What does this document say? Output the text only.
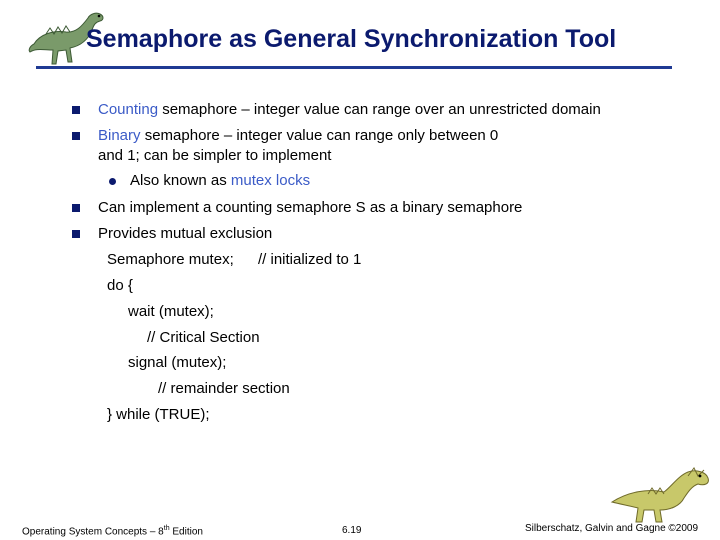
Semaphore as General Synchronization Tool
Counting semaphore – integer value can range over an unrestricted domain
Binary semaphore – integer value can range only between 0
and 1; can be simpler to implement
Also known as mutex locks
Can implement a counting semaphore S as a binary semaphore
Provides mutual exclusion
Semaphore mutex; // initialized to 1
do {
wait (mutex);
// Critical Section
signal (mutex);
// remainder section
} while (TRUE);
Operating System Concepts – 8th Edition	6.19	Silberschatz, Galvin and Gagne ©2009
